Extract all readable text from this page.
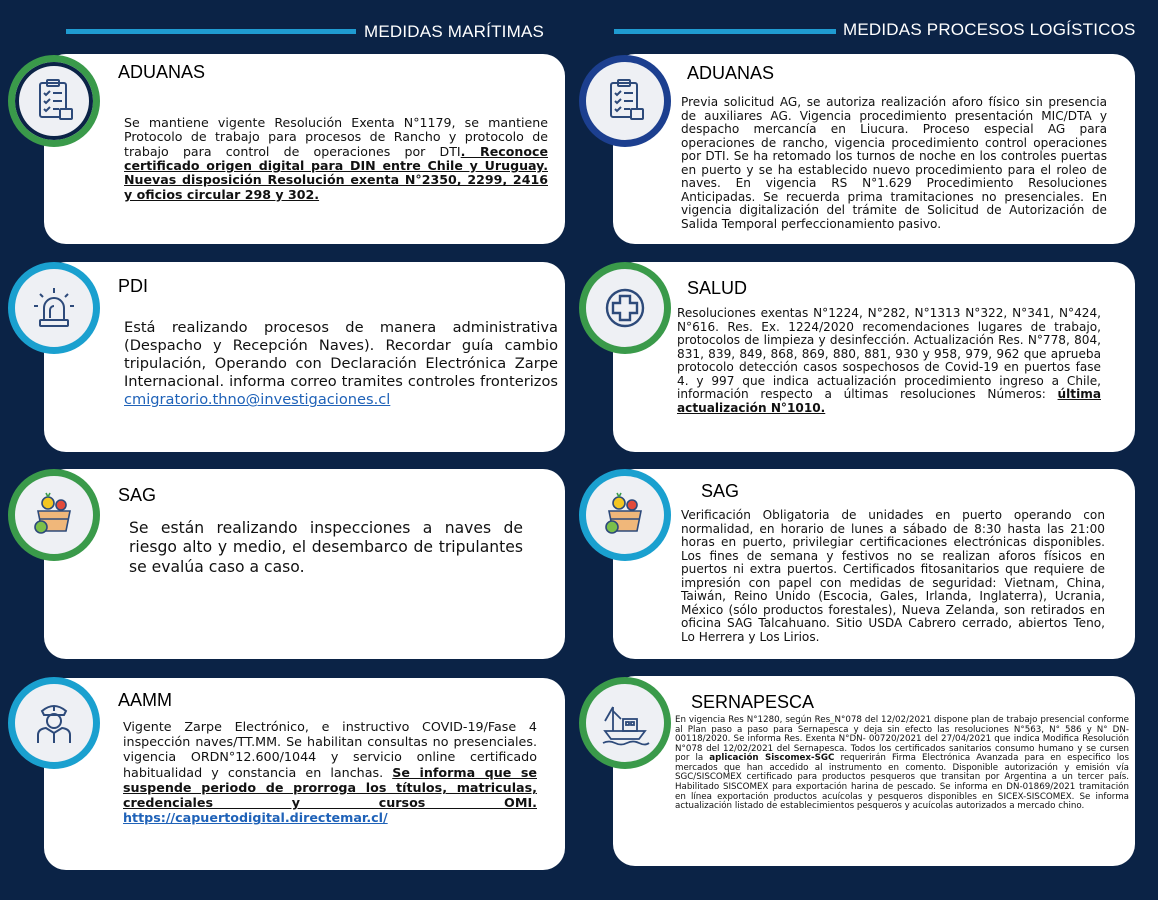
MEDIDAS MARÍTIMAS	MEDIDAS PROCESOS LOGÍSTICOS
ADUANAS
Se mantiene vigente Resolución Exenta N°1179, se mantiene Protocolo de trabajo para procesos de Rancho y protocolo de trabajo para control de operaciones por DTI. Reconoce certificado origen digital para DIN entre Chile y Uruguay. Nuevas disposición Resolución exenta N°2350, 2299, 2416 y oficios circular 298 y 302.
PDI
Está realizando procesos de manera administrativa (Despacho y Recepción Naves). Recordar guía cambio tripulación, Operando con Declaración Electrónica Zarpe Internacional. informa correo tramites controles fronterizos cmigratorio.thno@investigaciones.cl
SAG
Se están realizando inspecciones a naves de riesgo alto y medio, el desembarco de tripulantes se evalúa caso a caso.
AAMM
Vigente Zarpe Electrónico, e instructivo COVID-19/Fase 4 inspección naves/TT.MM. Se habilitan consultas no presenciales. vigencia ORDN°12.600/1044 y servicio online certificado habitualidad y constancia en lanchas. Se informa que se suspende periodo de prorroga los títulos, matriculas, credenciales y cursos OMI. https://capuertodigital.directemar.cl/
ADUANAS
Previa solicitud AG, se autoriza realización aforo físico sin presencia de auxiliares AG. Vigencia procedimiento presentación MIC/DTA y despacho mercancía en Liucura. Proceso especial AG para operaciones de rancho, vigencia procedimiento control operaciones por DTI. Se ha retomado los turnos de noche en los controles puertas en puerto y se ha establecido nuevo procedimiento para el roleo de naves. En vigencia RS N°1.629 Procedimiento Resoluciones Anticipadas. Se recuerda prima tramitaciones no presenciales. En vigencia digitalización del trámite de Solicitud de Autorización de Salida Temporal perfeccionamiento pasivo.
SALUD
Resoluciones exentas N°1224, N°282, N°1313 N°322, N°341, N°424, N°616. Res. Ex. 1224/2020 recomendaciones lugares de trabajo, protocolos de limpieza y desinfección. Actualización Res. N°778, 804, 831, 839, 849, 868, 869, 880, 881, 930 y 958, 979, 962 que aprueba protocolo detección casos sospechosos de Covid-19 en puertos fase 4. y 997 que indica actualización procedimiento ingreso a Chile, información respecto a últimas resoluciones Números: última actualización N°1010.
SAG
Verificación Obligatoria de unidades en puerto operando con normalidad, en horario de lunes a sábado de 8:30 hasta las 21:00 horas en puerto, privilegiar certificaciones electrónicas disponibles. Los fines de semana y festivos no se realizan aforos físicos en puertos ni extra puertos. Certificados fitosanitarios que requiere de impresión con papel con medidas de seguridad: Vietnam, China, Taiwán, Reino Unido (Escocia, Gales, Irlanda, Inglaterra), Ucrania, México (sólo productos forestales), Nueva Zelanda, son retirados en oficina SAG Talcahuano. Sitio USDA Cabrero cerrado, abiertos Teno, Lo Herrera y Los Lirios.
SERNAPESCA
En vigencia Res N°1280, según Res_N°078 del 12/02/2021 dispone plan de trabajo presencial conforme al Plan paso a paso para Sernapesca y deja sin efecto las resoluciones N°563, N° 586 y N° DN- 00118/2020. Se informa Res. Exenta N°DN- 00720/2021 del 27/04/2021 que indica Modifica Resolución N°078 del 12/02/2021 del Sernapesca. Todos los certificados sanitarios consumo humano y se cursen por la aplicación Siscomex-SGC requerirán Firma Electrónica Avanzada para en especifico los mercados que han accedido al instrumento en comento. Disponible autorización y emisión vía SGC/SISCOMEX certificado para productos pesqueros que transitan por Argentina a un tercer país. Habilitado SISCOMEX para exportación harina de pescado. Se informa en DN-01869/2021 tramitación en línea exportación productos acuícolas y pesqueros disponibles en SICEX-SISCOMEX. Se informa actualización listado de establecimientos pesqueros y acuícolas autorizados a mercado chino.
